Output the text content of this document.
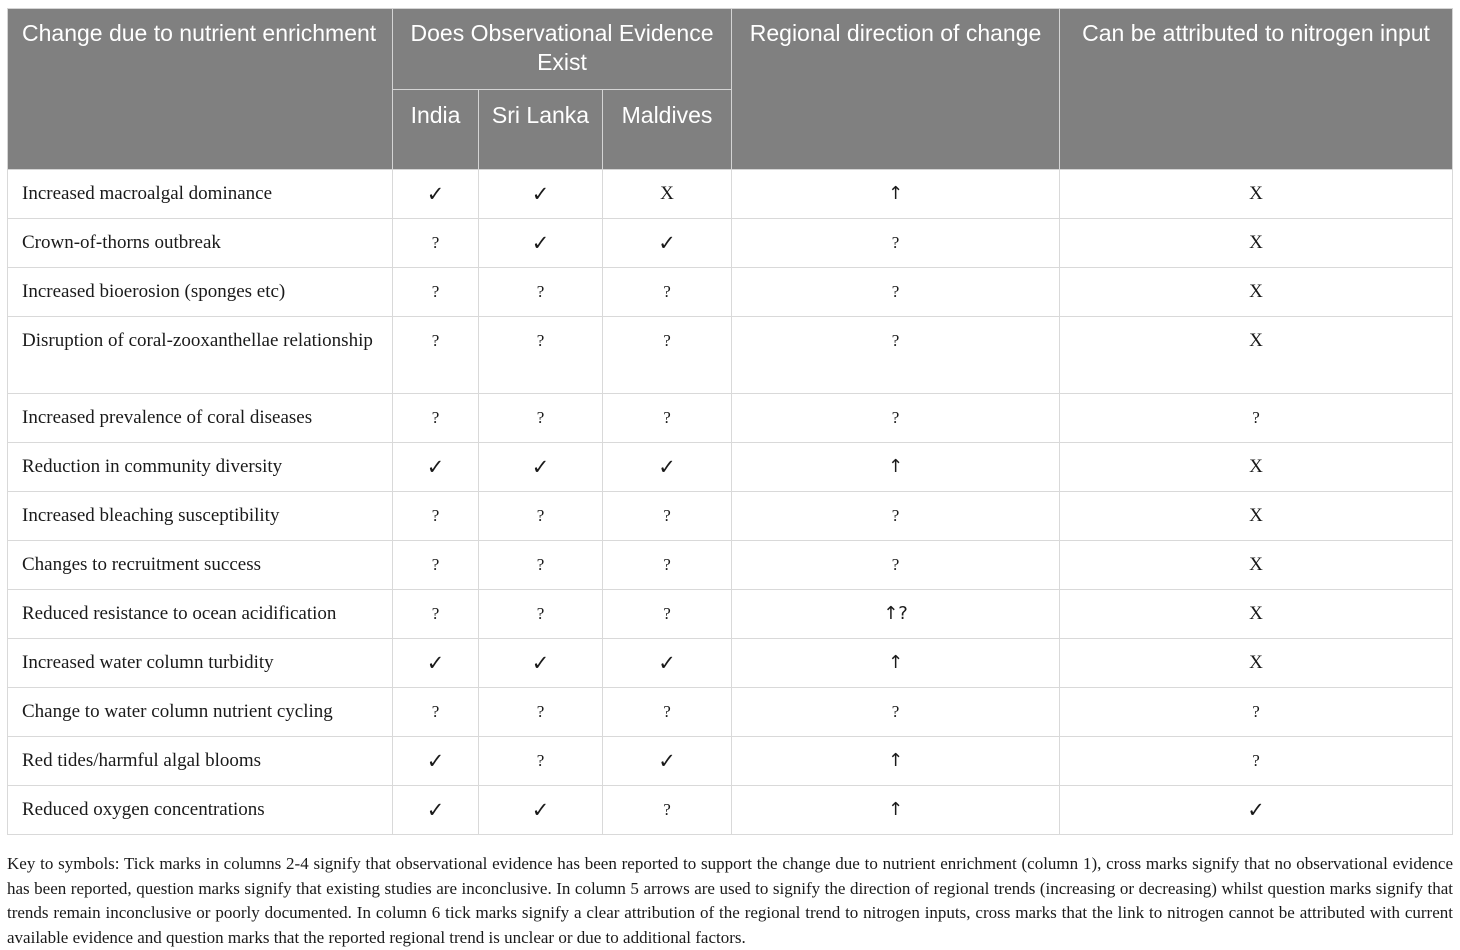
Change due to nutrient enrichment	Does Observational Evidence Exist			Regional direction of change	Can be attributed to nitrogen input
	India	Sri Lanka	Maldives		
Increased macroalgal dominance	✓	✓	X	↑	X
Crown-of-thorns outbreak	?	✓	✓	?	X
Increased bioerosion (sponges etc)	?	?	?	?	X
Disruption of coral-zooxanthellae relationship	?	?	?	?	X
Increased prevalence of coral diseases	?	?	?	?	?
Reduction in community diversity	✓	✓	✓	↑	X
Increased bleaching susceptibility	?	?	?	?	X
Changes to recruitment success	?	?	?	?	X
Reduced resistance to ocean acidification	?	?	?	↑?	X
Increased water column turbidity	✓	✓	✓	↑	X
Change to water column nutrient cycling	?	?	?	?	?
Red tides/harmful algal blooms	✓	?	✓	↑	?
Reduced oxygen concentrations	✓	✓	?	↑	✓

Key to symbols: Tick marks in columns 2-4 signify that observational evidence has been reported to support the change due to nutrient enrichment (column 1), cross marks signify that no observational evidence has been reported, question marks signify that existing studies are inconclusive. In column 5 arrows are used to signify the direction of regional trends (increasing or decreasing) whilst question marks signify that trends remain inconclusive or poorly documented. In column 6 tick marks signify a clear attribution of the regional trend to nitrogen inputs, cross marks that the link to nitrogen cannot be attributed with current available evidence and question marks that the reported regional trend is unclear or due to additional factors.
